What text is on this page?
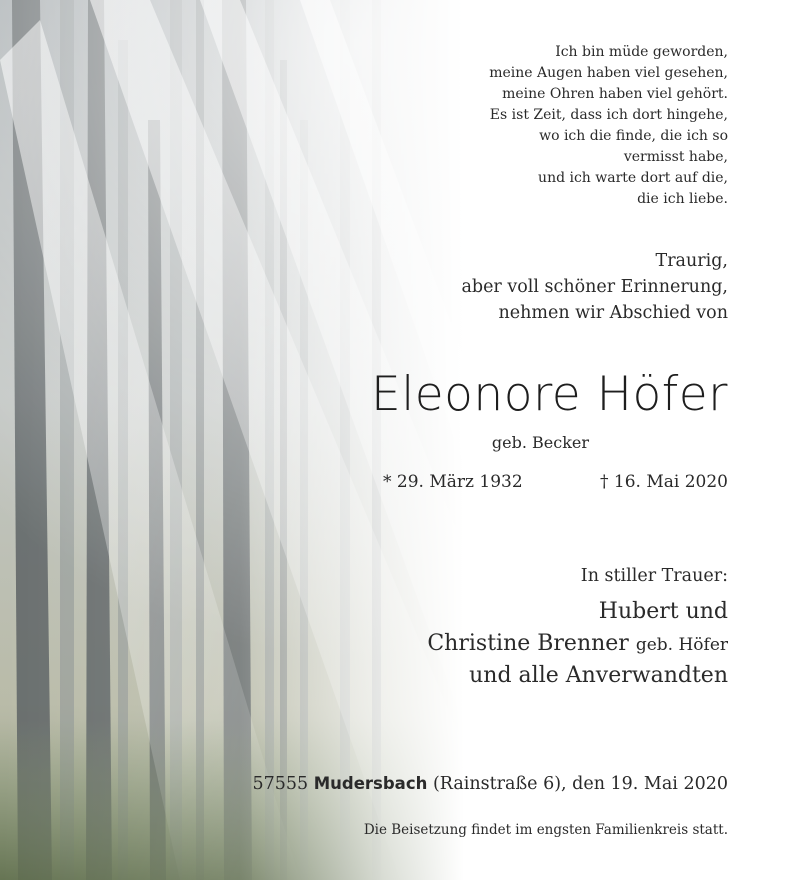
Ich bin müde geworden,
meine Augen haben viel gesehen,
meine Ohren haben viel gehört.
Es ist Zeit, dass ich dort hingehe,
wo ich die finde, die ich so
vermisst habe,
und ich warte dort auf die,
die ich liebe.
Traurig,
aber voll schöner Erinnerung,
nehmen wir Abschied von
Eleonore Höfer
geb. Becker
* 29. März 1932	† 16. Mai 2020
In stiller Trauer:
Hubert und
Christine Brenner geb. Höfer
und alle Anverwandten
57555 Mudersbach (Rainstraße 6), den 19. Mai 2020
Die Beisetzung findet im engsten Familienkreis statt.
